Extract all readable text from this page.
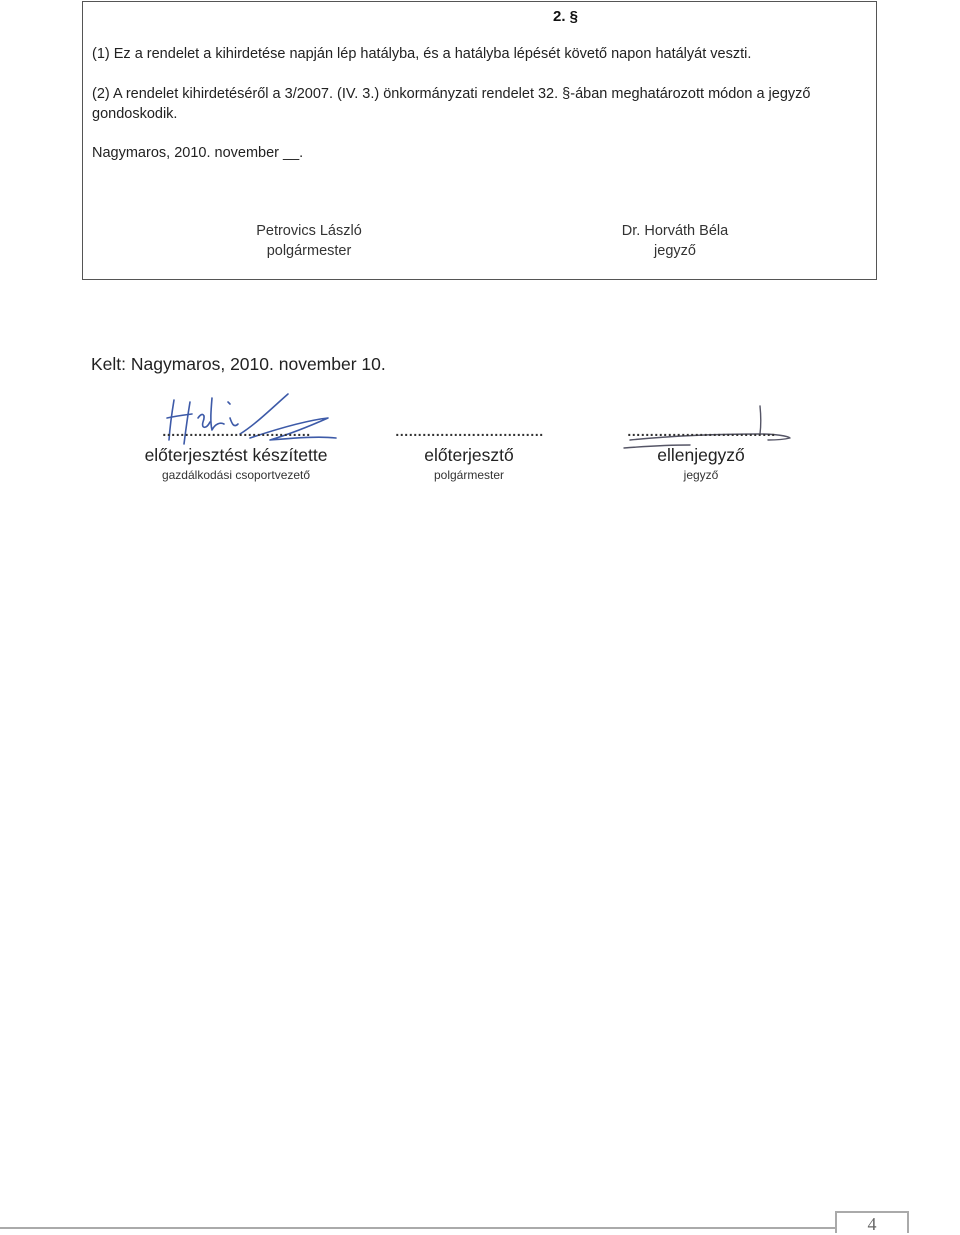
2. §
(1) Ez a rendelet a kihirdetése napján lép hatályba, és a hatályba lépését követő napon hatályát veszti.
(2) A rendelet kihirdetéséről a 3/2007. (IV. 3.) önkormányzati rendelet 32. §-ában meghatározott módon a jegyző gondoskodik.
Nagymaros, 2010. november __.
Petrovics László
polgármester
Dr. Horváth Béla
jegyző
Kelt: Nagymaros, 2010. november 10.
……………………………
előterjesztést készítette
gazdálkodási csoportvezető
……………………………
előterjesztő
polgármester
……………………………
ellenjegyző
jegyző
4
